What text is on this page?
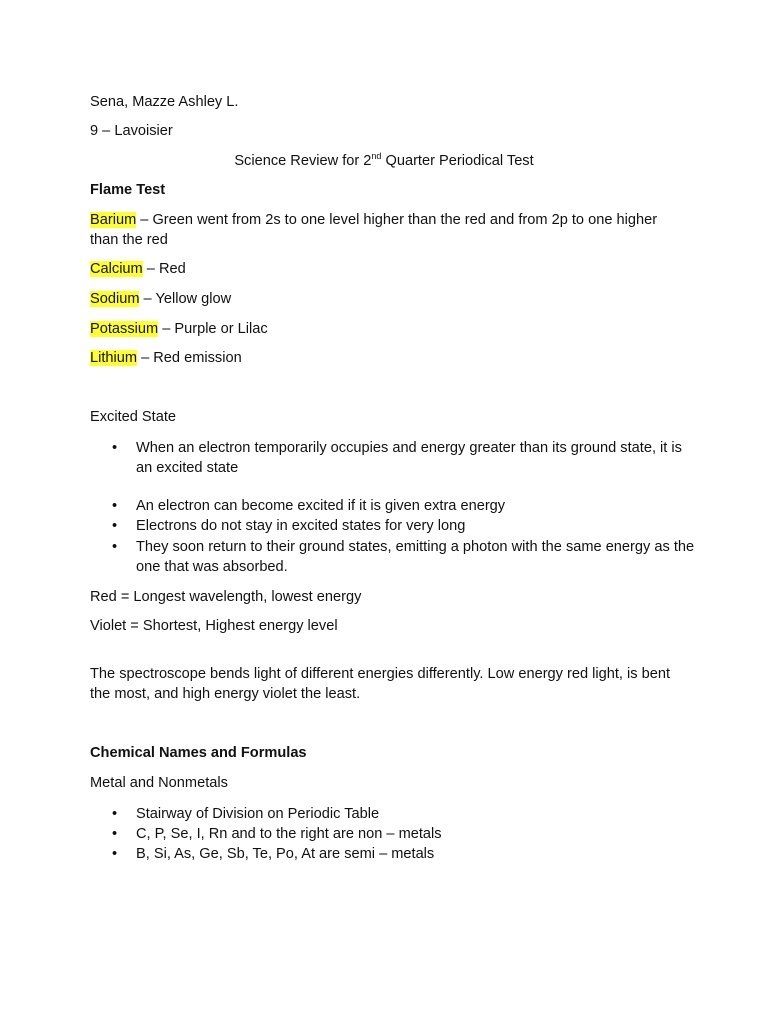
Sena, Mazze Ashley L.
9 – Lavoisier
Science Review for 2nd Quarter Periodical Test
Flame Test
Barium – Green went from 2s to one level higher than the red and from 2p to one higher
than the red
Calcium – Red
Sodium – Yellow glow
Potassium – Purple or Lilac
Lithium – Red emission
Excited State
• When an electron temporarily occupies and energy greater than its ground state, it is an excited state
• An electron can become excited if it is given extra energy
• Electrons do not stay in excited states for very long
• They soon return to their ground states, emitting a photon with the same energy as the one that was absorbed.
Red = Longest wavelength, lowest energy
Violet = Shortest, Highest energy level
The spectroscope bends light of different energies differently. Low energy red light, is bent the most, and high energy violet the least.
Chemical Names and Formulas
Metal and Nonmetals
• Stairway of Division on Periodic Table
• C, P, Se, I, Rn and to the right are non – metals
• B, Si, As, Ge, Sb, Te, Po, At are semi – metals
